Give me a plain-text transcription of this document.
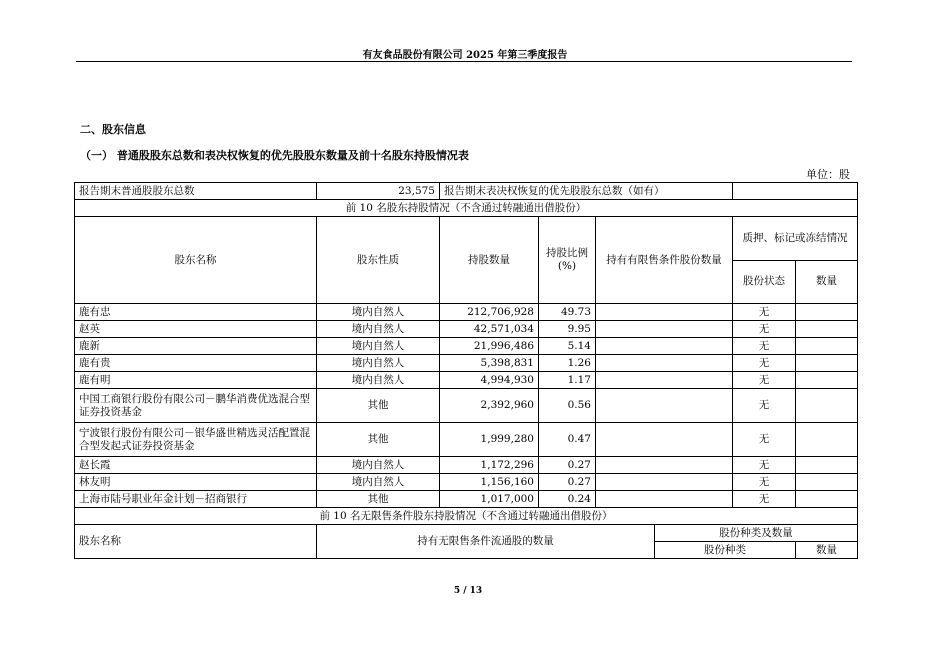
有友食品股份有限公司 2025 年第三季度报告
二、股东信息
（一） 普通股股东总数和表决权恢复的优先股股东数量及前十名股东持股情况表
单位：股
报告期末普通股股东总数	23,575	报告期末表决权恢复的优先股股东总数（如有）					
前 10 名股东持股情况（不含通过转融通出借股份）							
股东名称	股东性质	持股数量	持股比例(%)	持有有限售条件股份数量		质押、标记或冻结情况	
						股份状态	数量
鹿有忠	境内自然人	212,706,928	49.73			无	
赵英	境内自然人	42,571,034	9.95			无	
鹿新	境内自然人	21,996,486	5.14			无	
鹿有贵	境内自然人	5,398,831	1.26			无	
鹿有明	境内自然人	4,994,930	1.17			无	
中国工商银行股份有限公司－鹏华消费优选混合型证券投资基金	其他	2,392,960	0.56			无	
宁波银行股份有限公司－银华盛世精选灵活配置混合型发起式证券投资基金	其他	1,999,280	0.47			无	
赵长霞	境内自然人	1,172,296	0.27			无	
林友明	境内自然人	1,156,160	0.27			无	
上海市陆号职业年金计划－招商银行	其他	1,017,000	0.24			无	
前 10 名无限售条件股东持股情况（不含通过转融通出借股份）							
股东名称	持有无限售条件流通股的数量				股份种类及数量		
					股份种类		数量
5 / 13
